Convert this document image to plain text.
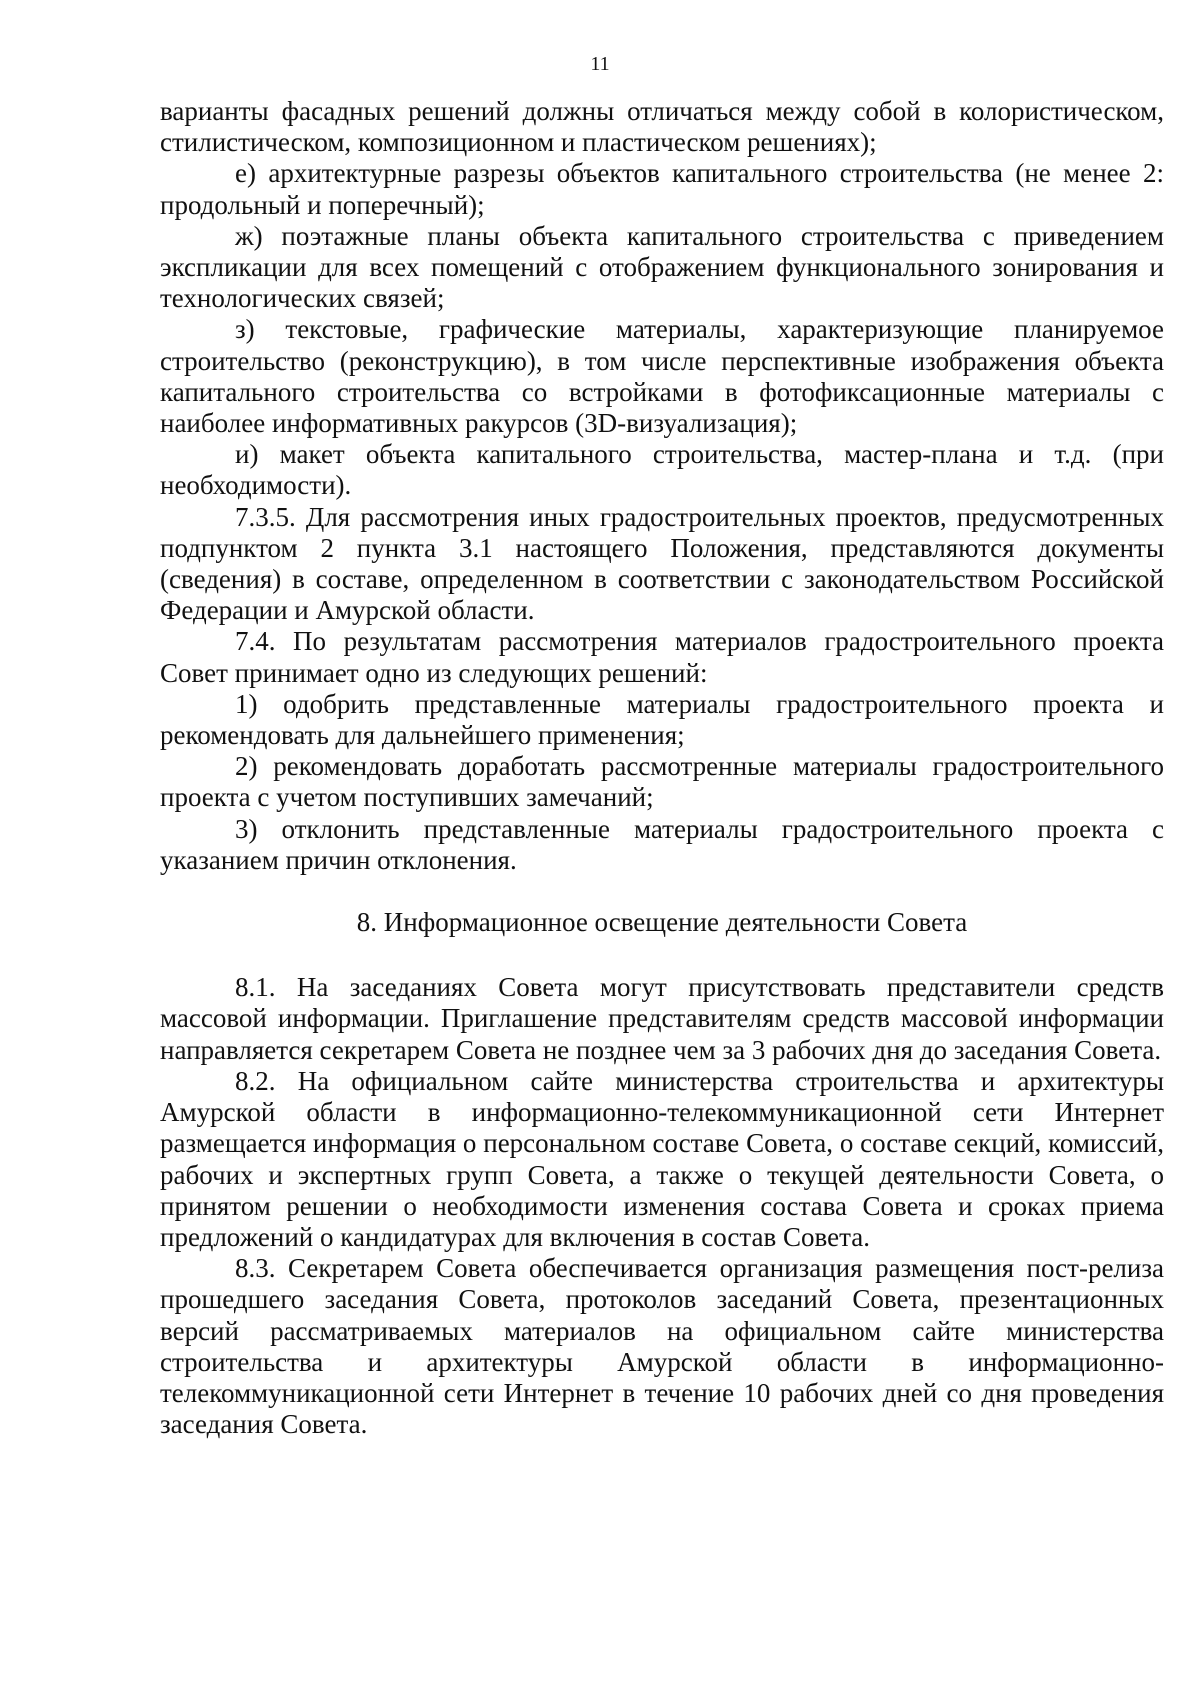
11

варианты фасадных решений должны отличаться между собой в колористическом, стилистическом, композиционном и пластическом решениях);

е) архитектурные разрезы объектов капитального строительства (не менее 2: продольный и поперечный);

ж) поэтажные планы объекта капитального строительства с приведением экспликации для всех помещений с отображением функционального зонирования и технологических связей;

з) текстовые, графические материалы, характеризующие планируемое строительство (реконструкцию), в том числе перспективные изображения объекта капитального строительства со встройками в фотофиксационные материалы с наиболее информативных ракурсов (3D-визуализация);

и) макет объекта капитального строительства, мастер-плана и т.д. (при необходимости).

7.3.5. Для рассмотрения иных градостроительных проектов, предусмотренных подпунктом 2 пункта 3.1 настоящего Положения, представляются документы (сведения) в составе, определенном в соответствии с законодательством Российской Федерации и Амурской области.

7.4. По результатам рассмотрения материалов градостроительного проекта Совет принимает одно из следующих решений:

1) одобрить представленные материалы градостроительного проекта и рекомендовать для дальнейшего применения;

2) рекомендовать доработать рассмотренные материалы градостроительного проекта с учетом поступивших замечаний;

3) отклонить представленные материалы градостроительного проекта с указанием причин отклонения.

8. Информационное освещение деятельности Совета

8.1. На заседаниях Совета могут присутствовать представители средств массовой информации. Приглашение представителям средств массовой информации направляется секретарем Совета не позднее чем за 3 рабочих дня до заседания Совета.

8.2. На официальном сайте министерства строительства и архитектуры Амурской области в информационно-телекоммуникационной сети Интернет размещается информация о персональном составе Совета, о составе секций, комиссий, рабочих и экспертных групп Совета, а также о текущей деятельности Совета, о принятом решении о необходимости изменения состава Совета и сроках приема предложений о кандидатурах для включения в состав Совета.

8.3. Секретарем Совета обеспечивается организация размещения пост-релиза прошедшего заседания Совета, протоколов заседаний Совета, презентационных версий рассматриваемых материалов на официальном сайте министерства строительства и архитектуры Амурской области в информационно-телекоммуникационной сети Интернет в течение 10 рабочих дней со дня проведения заседания Совета.
